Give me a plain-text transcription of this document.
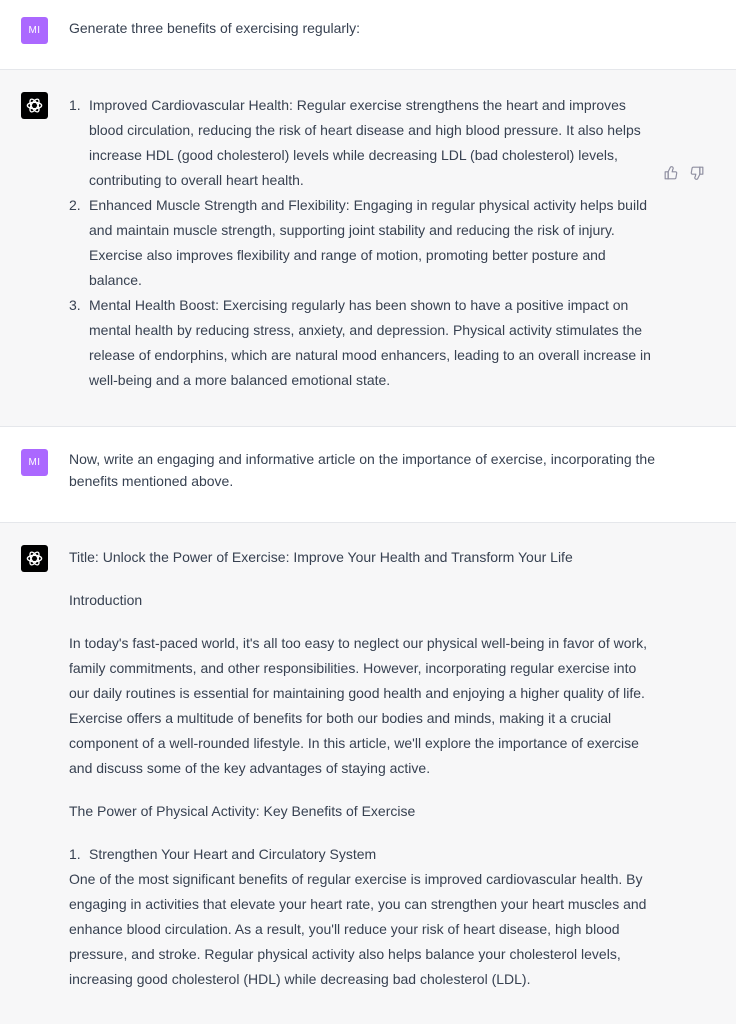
MI	Generate three benefits of exercising regularly:
1. Improved Cardiovascular Health: Regular exercise strengthens the heart and improves blood circulation, reducing the risk of heart disease and high blood pressure. It also helps increase HDL (good cholesterol) levels while decreasing LDL (bad cholesterol) levels, contributing to overall heart health.
2. Enhanced Muscle Strength and Flexibility: Engaging in regular physical activity helps build and maintain muscle strength, supporting joint stability and reducing the risk of injury. Exercise also improves flexibility and range of motion, promoting better posture and balance.
3. Mental Health Boost: Exercising regularly has been shown to have a positive impact on mental health by reducing stress, anxiety, and depression. Physical activity stimulates the release of endorphins, which are natural mood enhancers, leading to an overall increase in well-being and a more balanced emotional state.
MI	Now, write an engaging and informative article on the importance of exercise, incorporating the benefits mentioned above.

Title: Unlock the Power of Exercise: Improve Your Health and Transform Your Life

Introduction

In today's fast-paced world, it's all too easy to neglect our physical well-being in favor of work, family commitments, and other responsibilities. However, incorporating regular exercise into our daily routines is essential for maintaining good health and enjoying a higher quality of life. Exercise offers a multitude of benefits for both our bodies and minds, making it a crucial component of a well-rounded lifestyle. In this article, we'll explore the importance of exercise and discuss some of the key advantages of staying active.

The Power of Physical Activity: Key Benefits of Exercise

1. Strengthen Your Heart and Circulatory System

One of the most significant benefits of regular exercise is improved cardiovascular health. By engaging in activities that elevate your heart rate, you can strengthen your heart muscles and enhance blood circulation. As a result, you'll reduce your risk of heart disease, high blood pressure, and stroke. Regular physical activity also helps balance your cholesterol levels, increasing good cholesterol (HDL) while decreasing bad cholesterol (LDL).
